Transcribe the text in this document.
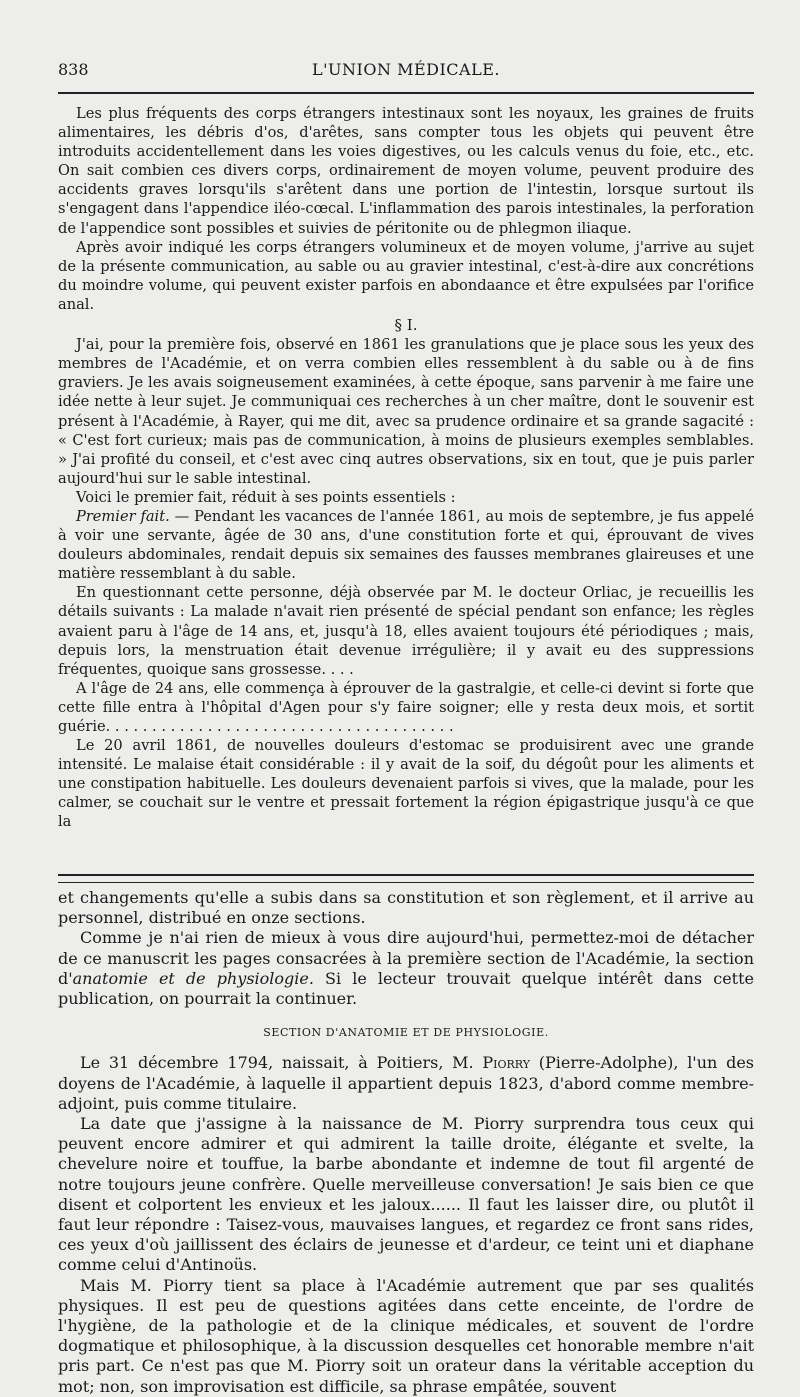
838	L'UNION MÉDICALE.

Les plus fréquents des corps étrangers intestinaux sont les noyaux, les graines de fruits alimentaires, les débris d'os, d'arêtes, sans compter tous les objets qui peuvent être introduits accidentellement dans les voies digestives, ou les calculs venus du foie, etc., etc. On sait combien ces divers corps, ordinairement de moyen volume, peuvent produire des accidents graves lorsqu'ils s'arêtent dans une portion de l'intestin, lorsque surtout ils s'engagent dans l'appendice iléo-cœcal. L'inflammation des parois intestinales, la perforation de l'appendice sont possibles et suivies de péritonite ou de phlegmon iliaque.

Après avoir indiqué les corps étrangers volumineux et de moyen volume, j'arrive au sujet de la présente communication, au sable ou au gravier intestinal, c'est-à-dire aux concrétions du moindre volume, qui peuvent exister parfois en abondaance et être expulsées par l'orifice anal.

§ I.

J'ai, pour la première fois, observé en 1861 les granulations que je place sous les yeux des membres de l'Académie, et on verra combien elles ressemblent à du sable ou à de fins graviers. Je les avais soigneusement examinées, à cette époque, sans parvenir à me faire une idée nette à leur sujet. Je communiquai ces recherches à un cher maître, dont le souvenir est présent à l'Académie, à Rayer, qui me dit, avec sa prudence ordinaire et sa grande sagacité : « C'est fort curieux; mais pas de communication, à moins de plusieurs exemples semblables. » J'ai profité du conseil, et c'est avec cinq autres observations, six en tout, que je puis parler aujourd'hui sur le sable intestinal.

Voici le premier fait, réduit à ses points essentiels :

Premier fait. — Pendant les vacances de l'année 1861, au mois de septembre, je fus appelé à voir une servante, âgée de 30 ans, d'une constitution forte et qui, éprouvant de vives douleurs abdominales, rendait depuis six semaines des fausses membranes glaireuses et une matière ressemblant à du sable.

En questionnant cette personne, déjà observée par M. le docteur Orliac, je recueillis les détails suivants : La malade n'avait rien présenté de spécial pendant son enfance; les règles avaient paru à l'âge de 14 ans, et, jusqu'à 18, elles avaient toujours été périodiques ; mais, depuis lors, la menstruation était devenue irrégulière; il y avait eu des suppressions fréquentes, quoique sans grossesse. . . .

A l'âge de 24 ans, elle commença à éprouver de la gastralgie, et celle-ci devint si forte que cette fille entra à l'hôpital d'Agen pour s'y faire soigner; elle y resta deux mois, et sortit guérie. . . . . . . . . . . . . . . . . . . . . . . . . . . . . . . . . . . . . .

Le 20 avril 1861, de nouvelles douleurs d'estomac se produisirent avec une grande intensité. Le malaise était considérable : il y avait de la soif, du dégoût pour les aliments et une constipation habituelle. Les douleurs devenaient parfois si vives, que la malade, pour les calmer, se couchait sur le ventre et pressait fortement la région épigastrique jusqu'à ce que la

et changements qu'elle a subis dans sa constitution et son règlement, et il arrive au personnel, distribué en onze sections.

Comme je n'ai rien de mieux à vous dire aujourd'hui, permettez-moi de détacher de ce manuscrit les pages consacrées à la première section de l'Académie, la section d'anatomie et de physiologie. Si le lecteur trouvait quelque intérêt dans cette publication, on pourrait la continuer.

SECTION D'ANATOMIE ET DE PHYSIOLOGIE.

Le 31 décembre 1794, naissait, à Poitiers, M. Piorry (Pierre-Adolphe), l'un des doyens de l'Académie, à laquelle il appartient depuis 1823, d'abord comme membre-adjoint, puis comme titulaire.

La date que j'assigne à la naissance de M. Piorry surprendra tous ceux qui peuvent encore admirer et qui admirent la taille droite, élégante et svelte, la chevelure noire et touffue, la barbe abondante et indemne de tout fil argenté de notre toujours jeune confrère. Quelle merveilleuse conversation! Je sais bien ce que disent et colportent les envieux et les jaloux...... Il faut les laisser dire, ou plutôt il faut leur répondre : Taisez-vous, mauvaises langues, et regardez ce front sans rides, ces yeux d'où jaillissent des éclairs de jeunesse et d'ardeur, ce teint uni et diaphane comme celui d'Antinoüs.

Mais M. Piorry tient sa place à l'Académie autrement que par ses qualités physiques. Il est peu de questions agitées dans cette enceinte, de l'ordre de l'hygiène, de la pathologie et de la clinique médicales, et souvent de l'ordre dogmatique et philosophique, à la discussion desquelles cet honorable membre n'ait pris part. Ce n'est pas que M. Piorry soit un orateur dans la véritable acception du mot; non, son improvisation est difficile, sa phrase empâtée, souvent
